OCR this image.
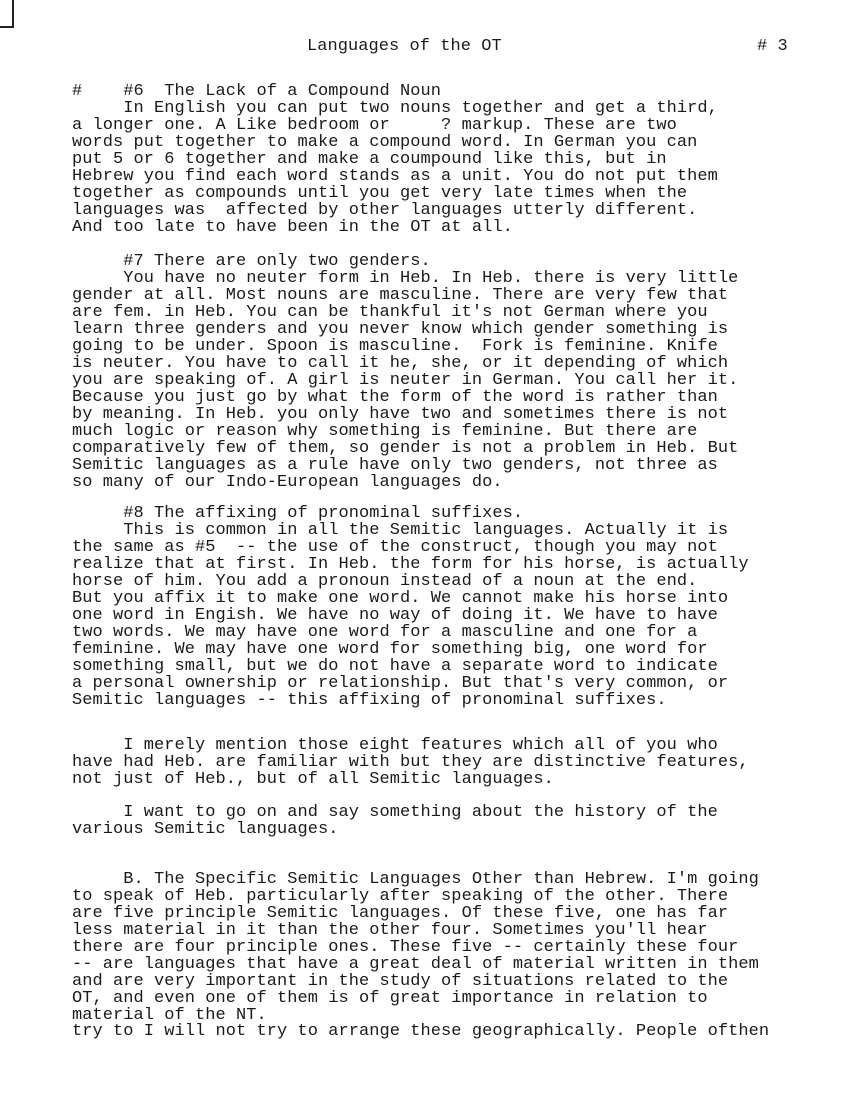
Languages of the OT	# 3
#    #6  The Lack of a Compound Noun
In English you can put two nouns together and get a third,
a longer one. A Like bedroom or     ? markup. These are two
words put together to make a compound word. In German you can
put 5 or 6 together and make a coumpound like this, but in
Hebrew you find each word stands as a unit. You do not put them
together as compounds until you get very late times when the
languages was  affected by other languages utterly different.
And too late to have been in the OT at all.
#7 There are only two genders.
You have no neuter form in Heb. In Heb. there is very little
gender at all. Most nouns are masculine. There are very few that
are fem. in Heb. You can be thankful it's not German where you
learn three genders and you never know which gender something is
going to be under. Spoon is masculine.  Fork is feminine. Knife
is neuter. You have to call it he, she, or it depending of which
you are speaking of. A girl is neuter in German. You call her it.
Because you just go by what the form of the word is rather than
by meaning. In Heb. you only have two and sometimes there is not
much logic or reason why something is feminine. But there are
comparatively few of them, so gender is not a problem in Heb. But
Semitic languages as a rule have only two genders, not three as
so many of our Indo-European languages do.
#8 The affixing of pronominal suffixes.
This is common in all the Semitic languages. Actually it is
the same as #5  -- the use of the construct, though you may not
realize that at first. In Heb. the form for his horse, is actually
horse of him. You add a pronoun instead of a noun at the end.
But you affix it to make one word. We cannot make his horse into
one word in Engish. We have no way of doing it. We have to have
two words. We may have one word for a masculine and one for a
feminine. We may have one word for something big, one word for
something small, but we do not have a separate word to indicate
a personal ownership or relationship. But that's very common, or
Semitic languages -- this affixing of pronominal suffixes.
I merely mention those eight features which all of you who
have had Heb. are familiar with but they are distinctive features,
not just of Heb., but of all Semitic languages.
I want to go on and say something about the history of the
various Semitic languages.
B. The Specific Semitic Languages Other than Hebrew. I'm going
to speak of Heb. particularly after speaking of the other. There
are five principle Semitic languages. Of these five, one has far
less material in it than the other four. Sometimes you'll hear
there are four principle ones. These five -- certainly these four
-- are languages that have a great deal of material written in them
and are very important in the study of situations related to the
OT, and even one of them is of great importance in relation to
material of the NT.
try to I will not try to arrange these geographically. People ofthen
